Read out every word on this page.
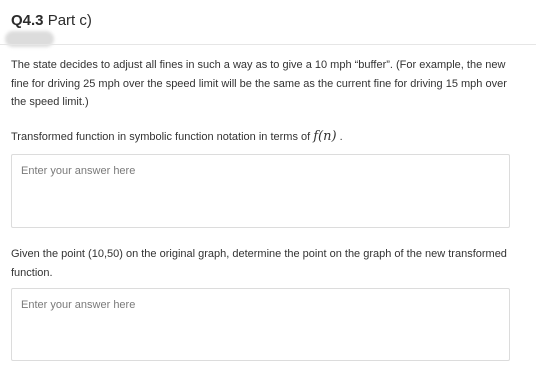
Q4.3 Part c)
The state decides to adjust all fines in such a way as to give a 10 mph “buffer”. (For example, the new fine for driving 25 mph over the speed limit will be the same as the current fine for driving 15 mph over the speed limit.)
Transformed function in symbolic function notation in terms of f(n) .
Enter your answer here
Given the point (10,50) on the original graph, determine the point on the graph of the new transformed function.
Enter your answer here
